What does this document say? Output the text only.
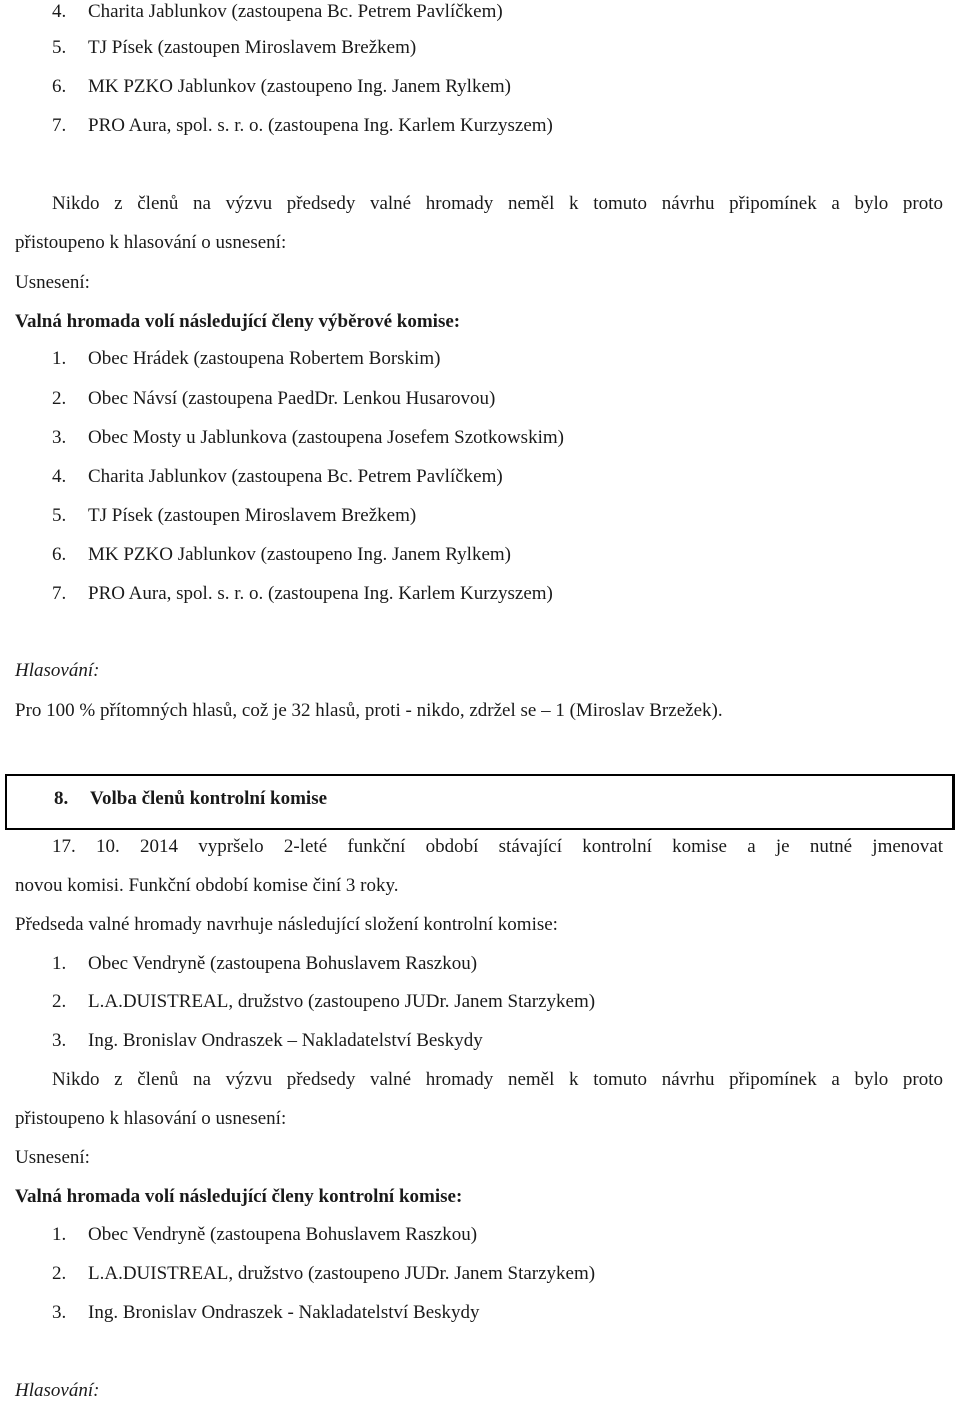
4. Charita Jablunkov (zastoupena Bc. Petrem Pavlíčkem)
5. TJ Písek (zastoupen Miroslavem Brežkem)
6. MK PZKO Jablunkov (zastoupeno Ing. Janem Rylkem)
7. PRO Aura, spol. s. r. o. (zastoupena Ing. Karlem Kurzyszem)
Nikdo z členů na výzvu předsedy valné hromady neměl k tomuto návrhu připomínek a bylo proto
přistoupeno k hlasování o usnesení:
Usnesení:
Valná hromada volí následující členy výběrové komise:
1. Obec Hrádek (zastoupena Robertem Borskim)
2. Obec Návsí (zastoupena PaedDr. Lenkou Husarovou)
3. Obec Mosty u Jablunkova (zastoupena Josefem Szotkowskim)
4. Charita Jablunkov (zastoupena Bc. Petrem Pavlíčkem)
5. TJ Písek (zastoupen Miroslavem Brežkem)
6. MK PZKO Jablunkov (zastoupeno Ing. Janem Rylkem)
7. PRO Aura, spol. s. r. o. (zastoupena Ing. Karlem Kurzyszem)
Hlasování:
Pro 100 % přítomných hlasů, což je 32 hlasů, proti - nikdo, zdržel se – 1 (Miroslav Brzežek).
8. Volba členů kontrolní komise
17. 10. 2014 vypršelo 2-leté funkční období stávající kontrolní komise a je nutné jmenovat
novou komisi. Funkční období komise činí 3 roky.
Předseda valné hromady navrhuje následující složení kontrolní komise:
1. Obec Vendryně (zastoupena Bohuslavem Raszkou)
2. L.A.DUISTREAL, družstvo (zastoupeno JUDr. Janem Starzykem)
3. Ing. Bronislav Ondraszek – Nakladatelství Beskydy
Nikdo z členů na výzvu předsedy valné hromady neměl k tomuto návrhu připomínek a bylo proto
přistoupeno k hlasování o usnesení:
Usnesení:
Valná hromada volí následující členy kontrolní komise:
1. Obec Vendryně (zastoupena Bohuslavem Raszkou)
2. L.A.DUISTREAL, družstvo (zastoupeno JUDr. Janem Starzykem)
3. Ing. Bronislav Ondraszek - Nakladatelství Beskydy
Hlasování:
